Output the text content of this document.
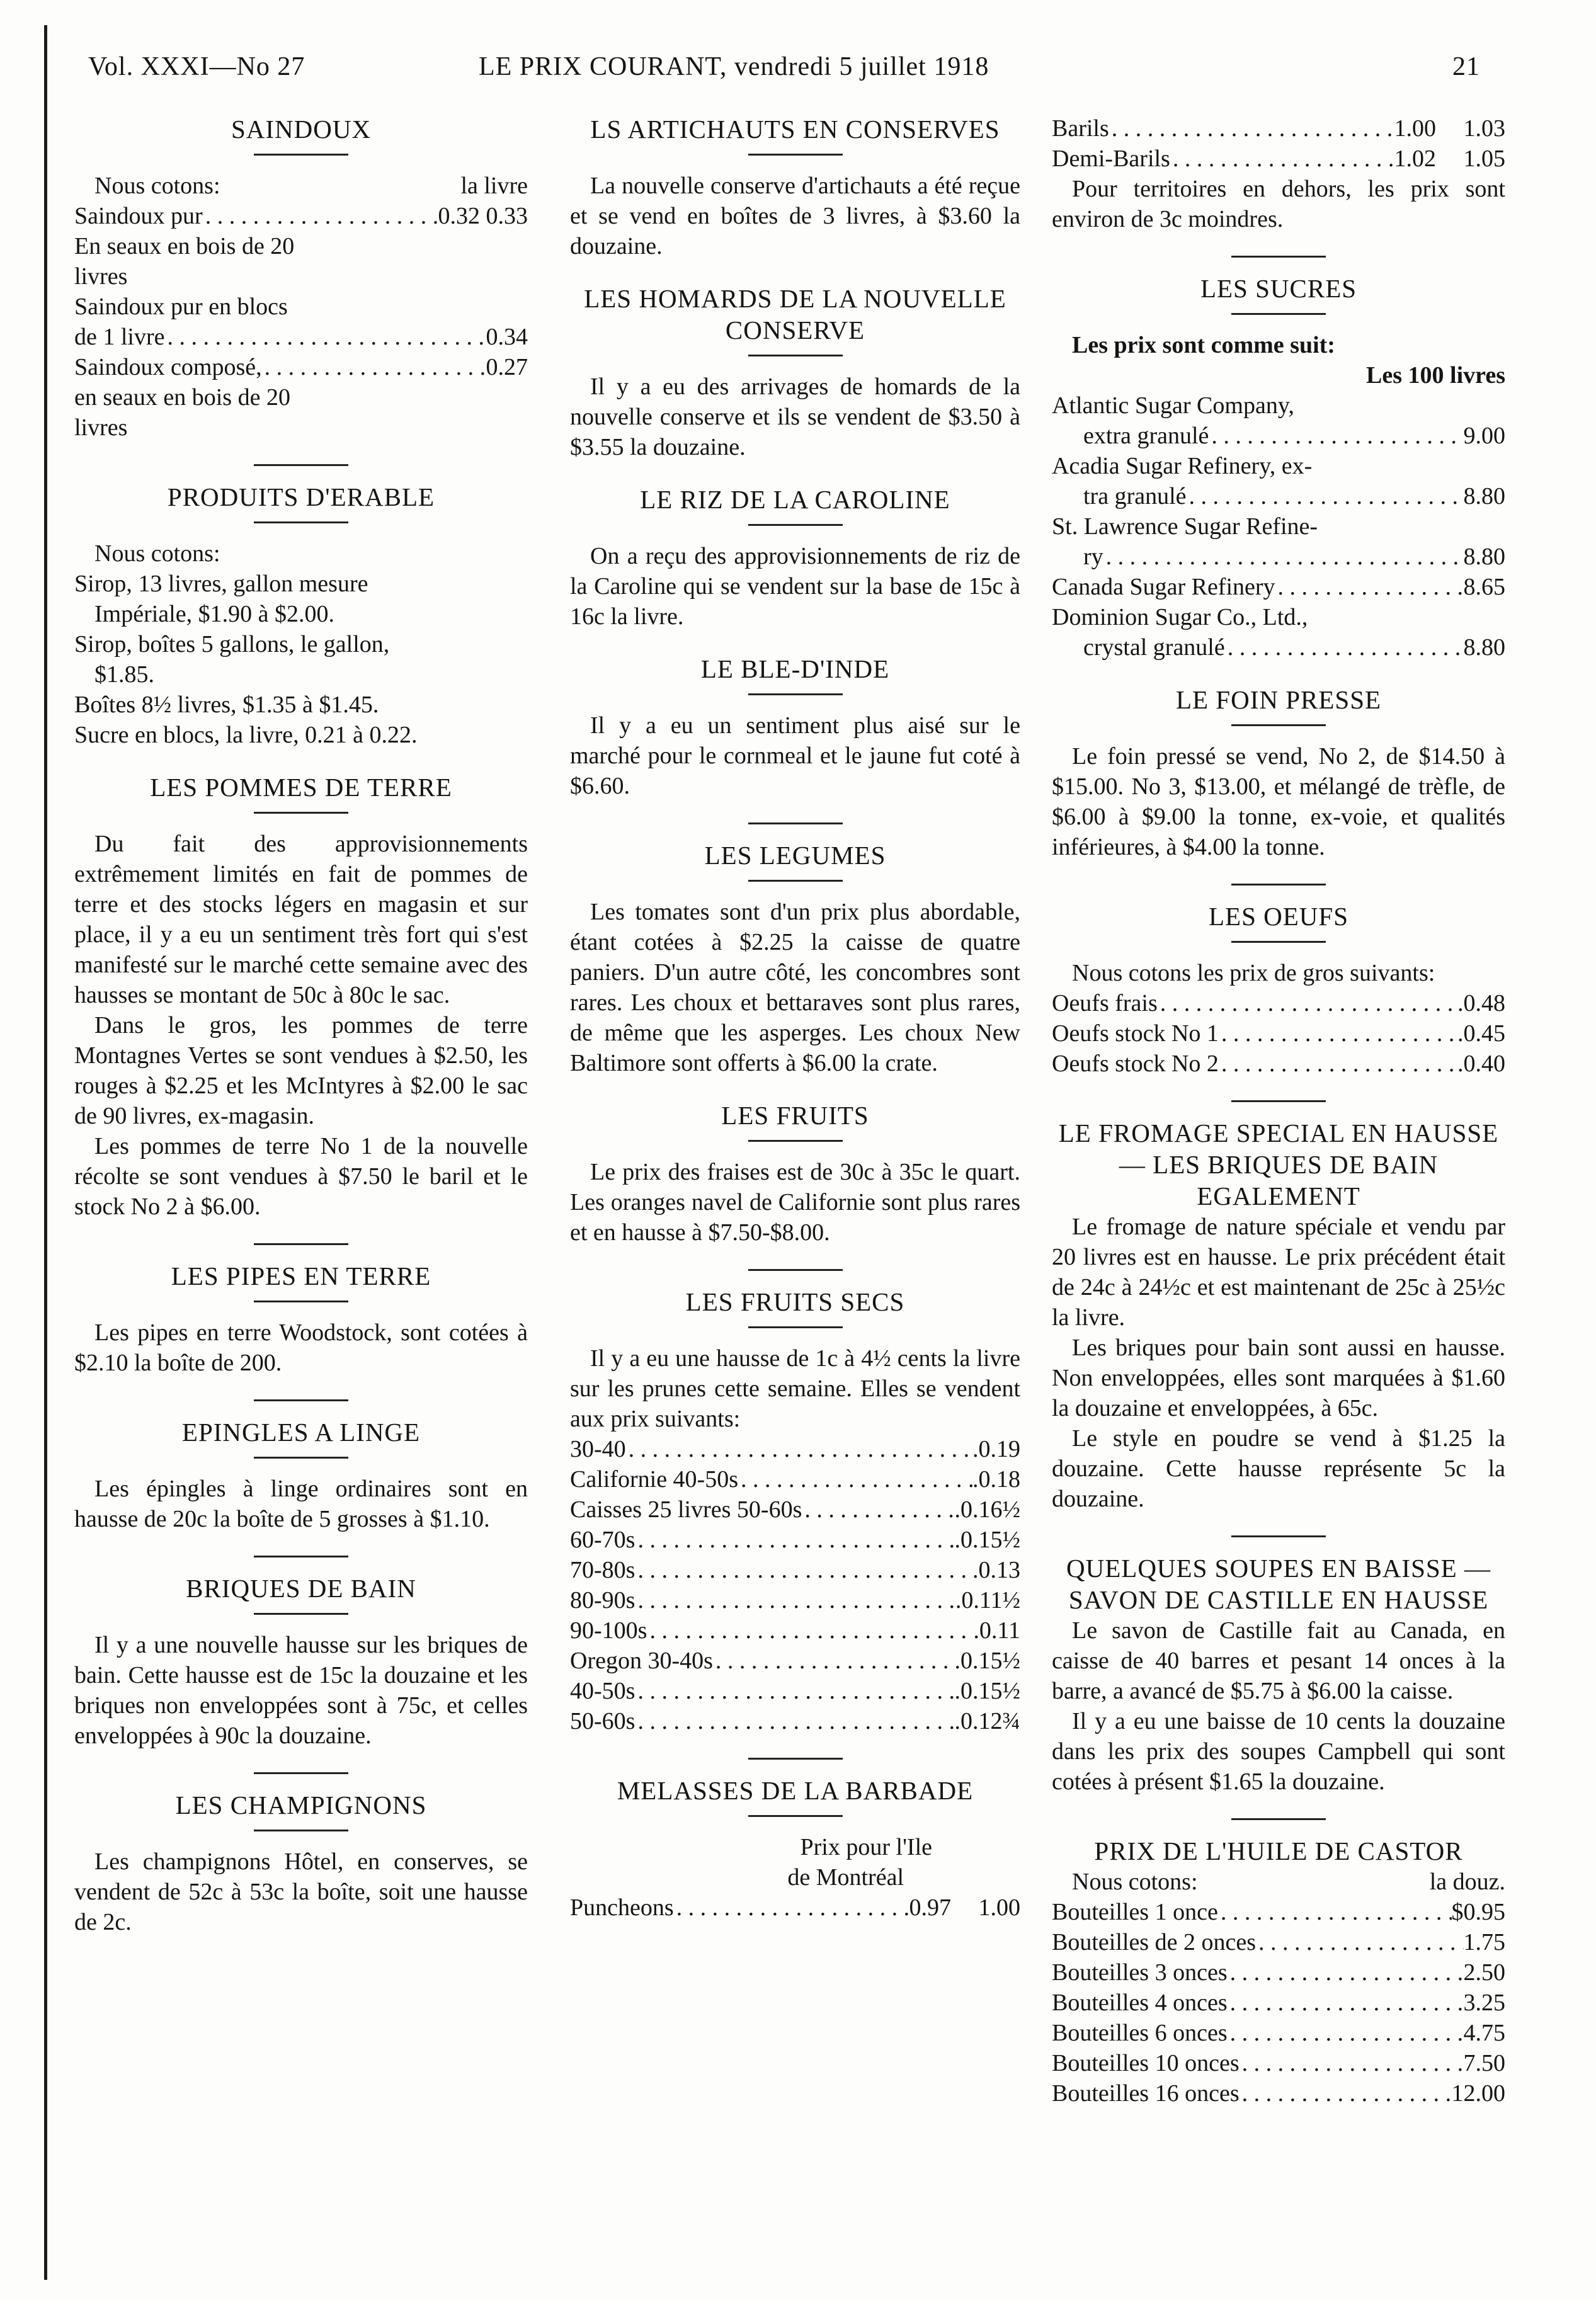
Vol. XXXI—No 27	LE PRIX COURANT, vendredi 5 juillet 1918	21
SAINDOUX
Nous cotons:	la livre
Saindoux pur . . .	0.32 0.33
En seaux en bois de 20
livres
Saindoux pur en blocs
de 1 livre . . .	0.34
Saindoux composé, . . .	0.27
en seaux en bois de 20
livres
PRODUITS D'ERABLE
Nous cotons:
Sirop, 13 livres, gallon mesure
Impériale, $1.90 à $2.00.
Sirop, boîtes 5 gallons, le gallon,
$1.85.
Boîtes 8½ livres, $1.35 à $1.45.
Sucre en blocs, la livre, 0.21 à 0.22.
LES POMMES DE TERRE

Du fait des approvisionnements extrêmement limités en fait de pommes de terre et des stocks légers en magasin et sur place, il y a eu un sentiment très fort qui s'est manifesté sur le marché cette semaine avec des hausses se montant de 50c à 80c le sac.

Dans le gros, les pommes de terre Montagnes Vertes se sont vendues à $2.50, les rouges à $2.25 et les McIntyres à $2.00 le sac de 90 livres, ex-magasin.

Les pommes de terre No 1 de la nouvelle récolte se sont vendues à $7.50 le baril et le stock No 2 à $6.00.

LES PIPES EN TERRE

Les pipes en terre Woodstock, sont cotées à $2.10 la boîte de 200.

EPINGLES A LINGE

Les épingles à linge ordinaires sont en hausse de 20c la boîte de 5 grosses à $1.10.

BRIQUES DE BAIN

Il y a une nouvelle hausse sur les briques de bain. Cette hausse est de 15c la douzaine et les briques non enveloppées sont à 75c, et celles enveloppées à 90c la douzaine.

LES CHAMPIGNONS

Les champignons Hôtel, en conserves, se vendent de 52c à 53c la boîte, soit une hausse de 2c.

LS ARTICHAUTS EN CONSERVES

La nouvelle conserve d'artichauts a été reçue et se vend en boîtes de 3 livres, à $3.60 la douzaine.

LES HOMARDS DE LA NOUVELLE CONSERVE

Il y a eu des arrivages de homards de la nouvelle conserve et ils se vendent de $3.50 à $3.55 la douzaine.

LE RIZ DE LA CAROLINE

On a reçu des approvisionnements de riz de la Caroline qui se vendent sur la base de 15c à 16c la livre.

LE BLE-D'INDE

Il y a eu un sentiment plus aisé sur le marché pour le cornmeal et le jaune fut coté à $6.60.

LES LEGUMES

Les tomates sont d'un prix plus abordable, étant cotées à $2.25 la caisse de quatre paniers. D'un autre côté, les concombres sont rares. Les choux et bettaraves sont plus rares, de même que les asperges. Les choux New Baltimore sont offerts à $6.00 la crate.

LES FRUITS

Le prix des fraises est de 30c à 35c le quart. Les oranges navel de Californie sont plus rares et en hausse à $7.50-$8.00.

LES FRUITS SECS

Il y a eu une hausse de 1c à 4½ cents la livre sur les prunes cette semaine. Elles se vendent aux prix suivants:

30-40 . . .	.0.19
Californie 40-50s . . .	.0.18
Caisses 25 livres 50-60s . . .	.0.16½
60-70s . . .	.0.15½
70-80s . . .	.0.13
80-90s . . .	.0.11½
90-100s . . .	.0.11
Oregon 30-40s . . .	.0.15½
40-50s . . .	.0.15½
50-60s . . .	.0.12¾
MELASSES DE LA BARBADE
Prix pour l'Ile
de Montréal
Puncheons . . .	0.97	1.00
Barils . . .	1.00	1.03
Demi-Barils . . .	1.02	1.05

Pour territoires en dehors, les prix sont environ de 3c moindres.

LES SUCRES
Les prix sont comme suit:
Les 100 livres
Atlantic Sugar Company,
extra granulé . . .	9.00
Acadia Sugar Refinery, ex-
tra granulé . . .	8.80
St. Lawrence Sugar Refine-
ry . . .	8.80
Canada Sugar Refinery . . .	8.65
Dominion Sugar Co., Ltd.,
crystal granulé . . .	8.80
LE FOIN PRESSE

Le foin pressé se vend, No 2, de $14.50 à $15.00. No 3, $13.00, et mélangé de trèfle, de $6.00 à $9.00 la tonne, ex-voie, et qualités inférieures, à $4.00 la tonne.

LES OEUFS

Nous cotons les prix de gros suivants:

Oeufs frais . . .	.0.48
Oeufs stock No 1 . . .	.0.45
Oeufs stock No 2 . . .	.0.40
LE FROMAGE SPECIAL EN HAUSSE — LES BRIQUES DE BAIN EGALEMENT

Le fromage de nature spéciale et vendu par 20 livres est en hausse. Le prix précédent était de 24c à 24½c et est maintenant de 25c à 25½c la livre.

Les briques pour bain sont aussi en hausse. Non enveloppées, elles sont marquées à $1.60 la douzaine et enveloppées, à 65c.

Le style en poudre se vend à $1.25 la douzaine. Cette hausse représente 5c la douzaine.

QUELQUES SOUPES EN BAISSE — SAVON DE CASTILLE EN HAUSSE

Le savon de Castille fait au Canada, en caisse de 40 barres et pesant 14 onces à la barre, a avancé de $5.75 à $6.00 la caisse.

Il y a eu une baisse de 10 cents la douzaine dans les prix des soupes Campbell qui sont cotées à présent $1.65 la douzaine.

PRIX DE L'HUILE DE CASTOR
Nous cotons:	la douz.
Bouteilles 1 once . . .	$0.95
Bouteilles de 2 onces . . .	1.75
Bouteilles 3 onces . . .	2.50
Bouteilles 4 onces . . .	3.25
Bouteilles 6 onces . . .	4.75
Bouteilles 10 onces . . .	7.50
Bouteilles 16 onces . . .	12.00
